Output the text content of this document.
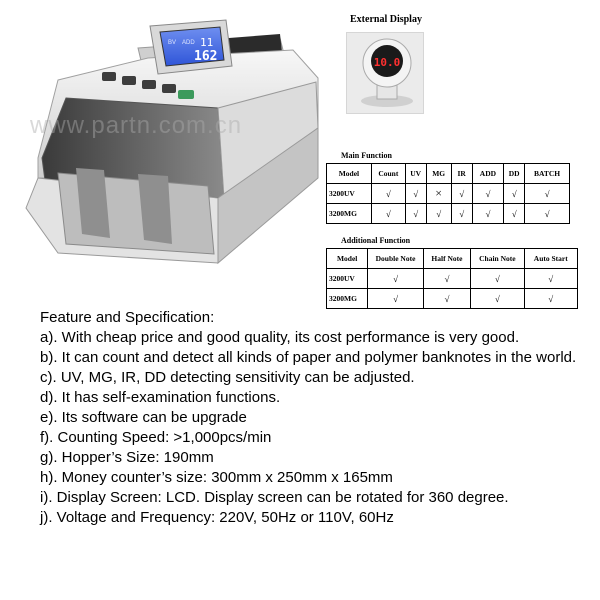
BV ADD 11
162
www.partn.com.cn
External Display
10.0
Main Function
Model	Count	UV	MG	IR	ADD	DD	BATCH
3200UV	√	√	×	√	√	√	√
3200MG	√	√	√	√	√	√	√
Additional Function
Model	Double Note	Half Note	Chain Note	Auto Start
3200UV	√	√	√	√
3200MG	√	√	√	√
Feature and Specification:
a). With cheap price and good quality, its cost performance is very good.
b). It can count and detect all kinds of paper and polymer banknotes in the world.
c). UV, MG, IR, DD detecting sensitivity can be adjusted.
d). It has self-examination functions.
e). Its software can be upgrade
f). Counting Speed: >1,000pcs/min
g). Hopper’s Size: 190mm
h). Money counter’s size: 300mm x 250mm x 165mm
i). Display Screen: LCD. Display screen can be rotated for 360 degree.
j). Voltage and Frequency: 220V, 50Hz or 110V, 60Hz
